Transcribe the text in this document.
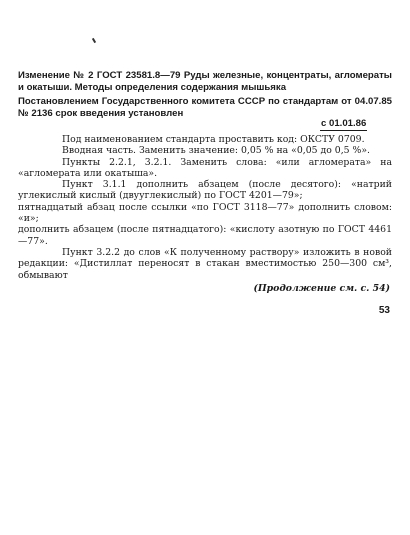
Изменение № 2 ГОСТ 23581.8—79 Руды железные, концентраты, агломераты и окатыши. Методы определения содержания мышьяка

Постановлением Государственного комитета СССР по стандартам от 04.07.85 № 2136 срок введения установлен

с 01.01.86

Под наименованием стандарта проставить код: ОКСТУ 0709.

Вводная часть. Заменить значение: 0,05 % на «0,05 до 0,5 %».

Пункты 2.2.1, 3.2.1. Заменить слова: «или агломерата» на «агломерата или окатыша».

Пункт 3.1.1 дополнить абзацем (после десятого): «натрий углекислый кислый (двууглекислый) по ГОСТ 4201—79»;

пятнадцатый абзац после ссылки «по ГОСТ 3118—77» дополнить словом: «и»;

дополнить абзацем (после пятнадцатого): «кислоту азотную по ГОСТ 4461—77».

Пункт 3.2.2 до слов «К полученному раствору» изложить в новой редакции: «Дистиллат переносят в стакан вместимостью 250—300 см³, обмывают

(Продолжение см. с. 54)
53
